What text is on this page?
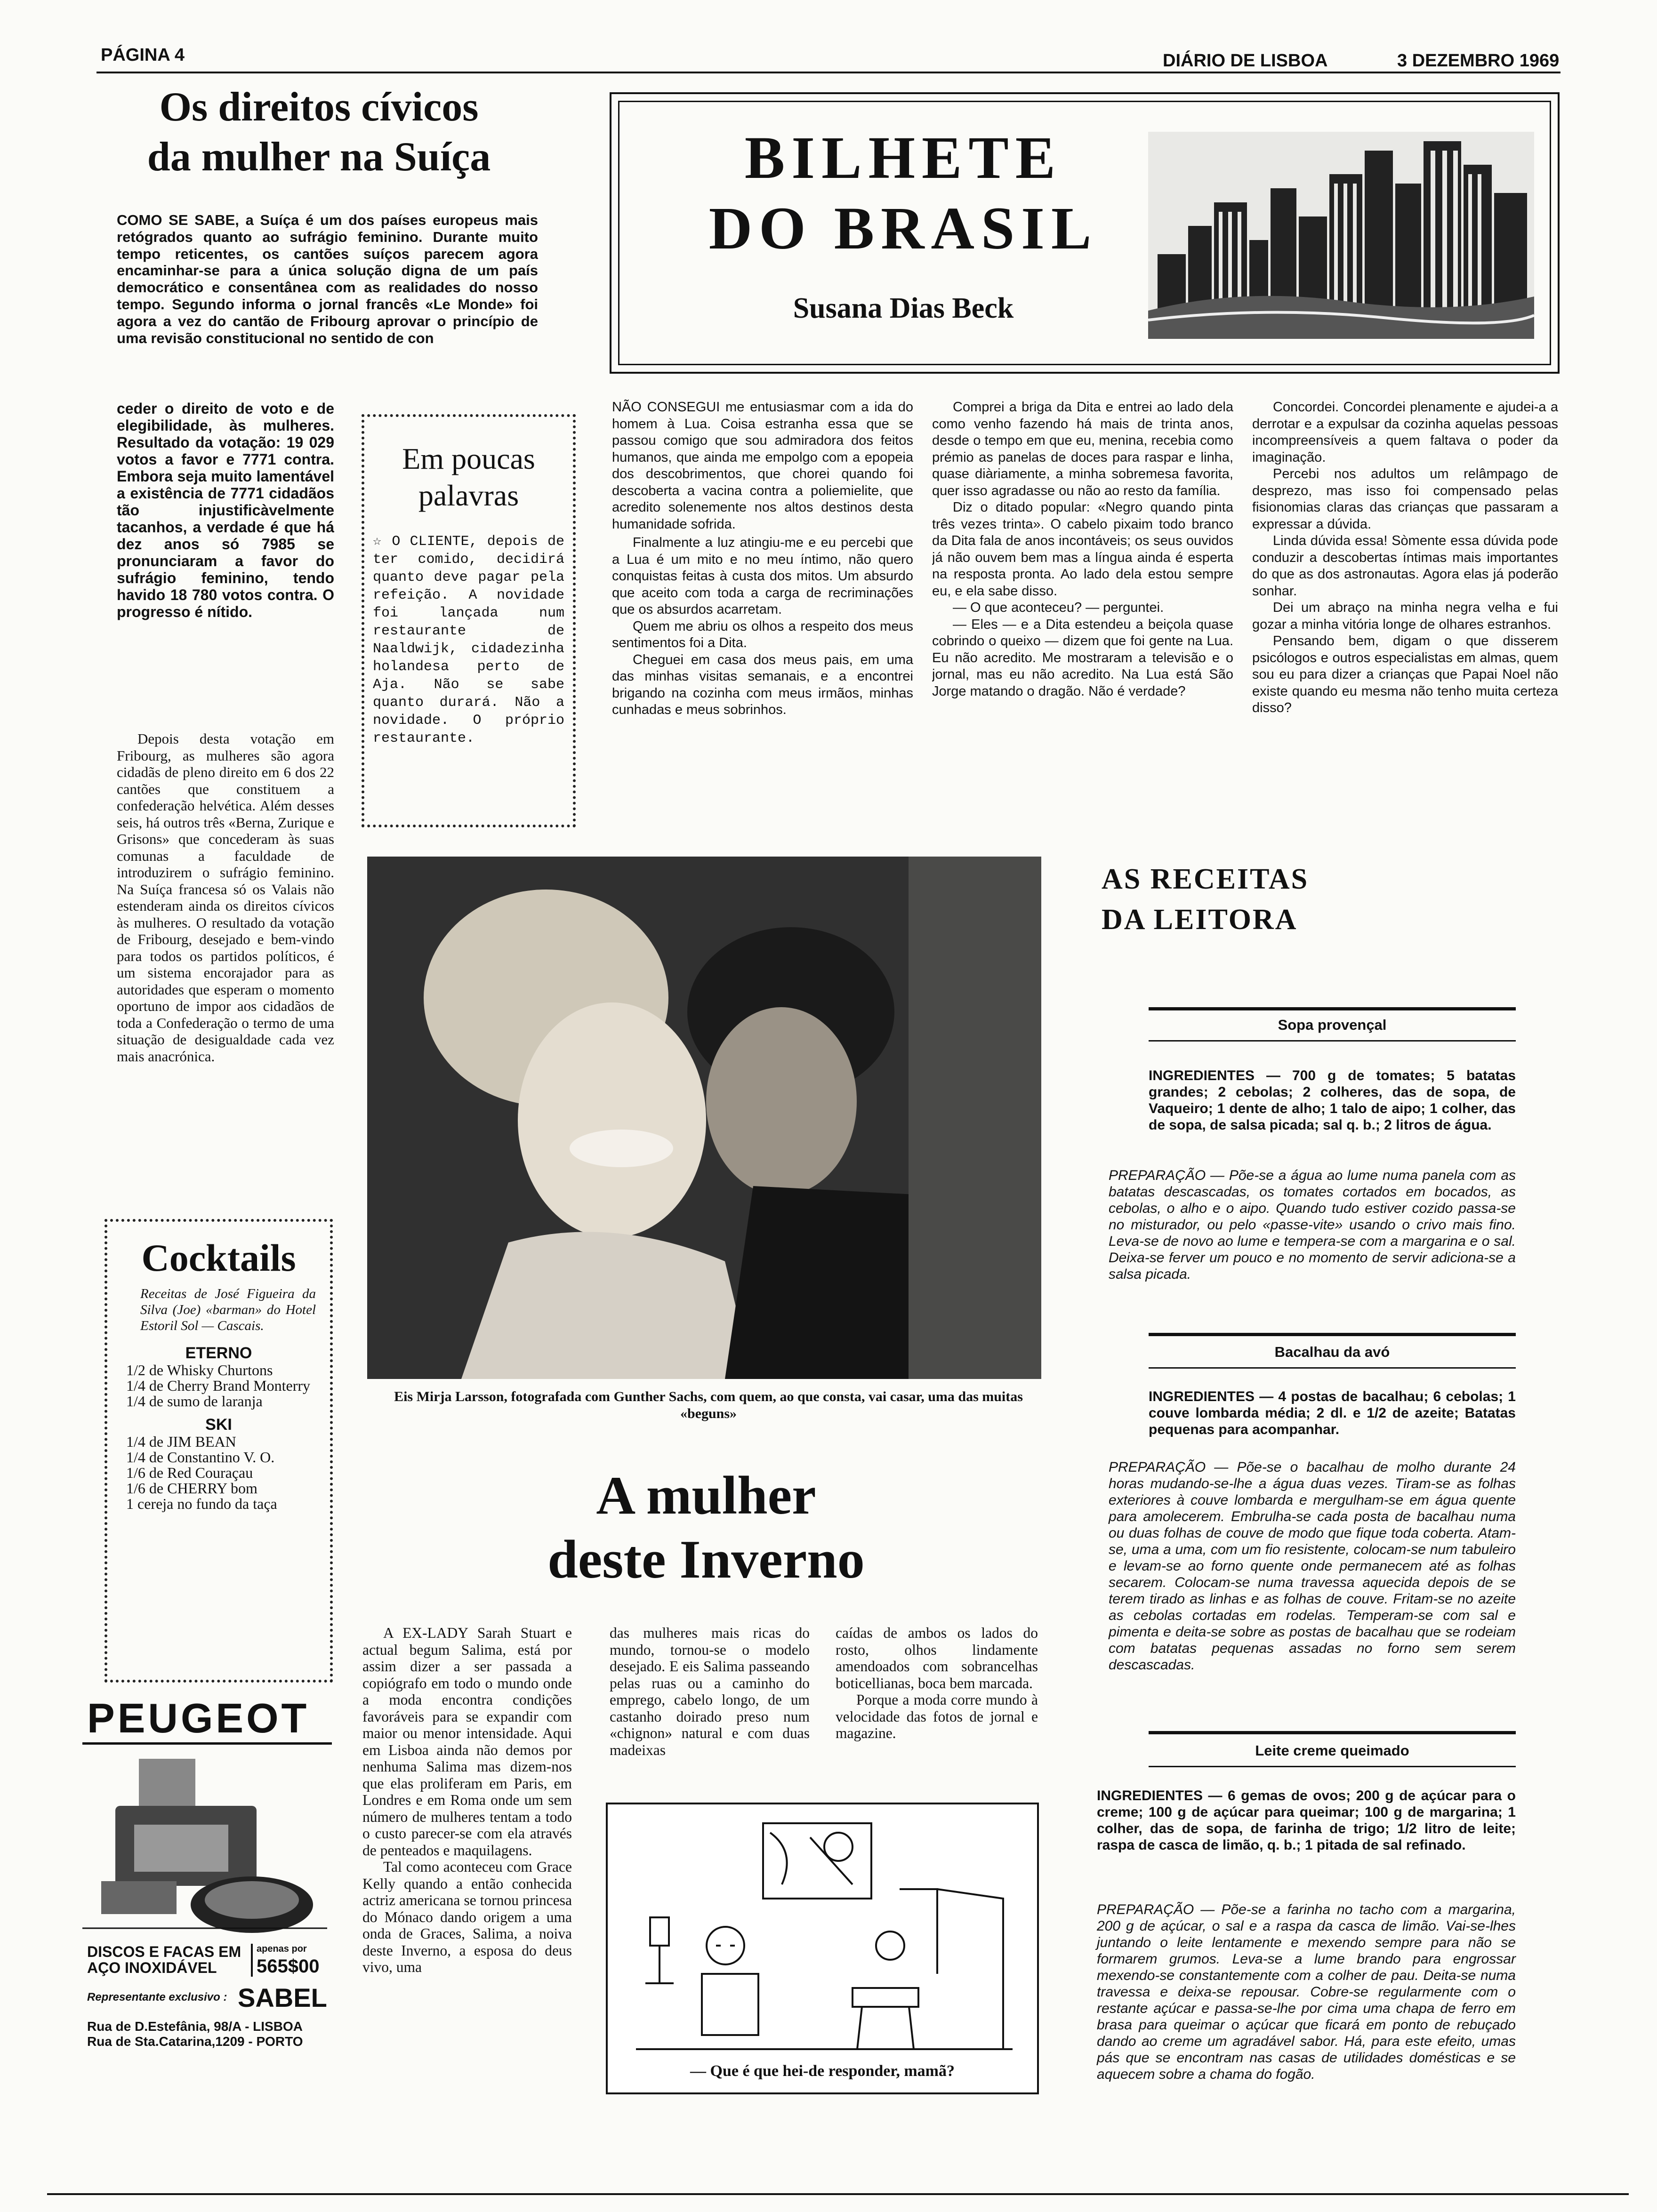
PÁGINA 4	DIÁRIO DE LISBOA	3 DEZEMBRO 1969
Os direitos cívicos
da mulher na Suíça
COMO SE SABE, a Suíça é um dos países europeus mais retógrados quanto ao sufrágio feminino. Durante muito tempo reticentes, os cantões suíços parecem agora encaminhar-se para a única solução digna de um país democrático e consentânea com as realidades do nosso tempo. Segundo informa o jornal francês «Le Monde» foi agora a vez do cantão de Fribourg aprovar o princípio de uma revisão constitucional no sentido de con
ceder o direito de voto e de elegibilidade, às mulheres. Resultado da votação: 19 029 votos a favor e 7771 contra. Embora seja muito lamentável a existência de 7771 cidadãos tão injustificàvelmente tacanhos, a verdade é que há dez anos só 7985 se pronunciaram a favor do sufrágio feminino, tendo havido 18 780 votos contra. O progresso é nítido.

Depois desta votação em Fribourg, as mulheres são agora cidadãs de pleno direito em 6 dos 22 cantões que constituem a confederação helvética. Além desses seis, há outros três «Berna, Zurique e Grisons» que concederam às suas comunas a faculdade de introduzirem o sufrágio feminino. Na Suíça francesa só os Valais não estenderam ainda os direitos cívicos às mulheres. O resultado da votação de Fribourg, desejado e bem-vindo para todos os partidos políticos, é um sistema encorajador para as autoridades que esperam o momento oportuno de impor aos cidadãos de toda a Confederação o termo de uma situação de desigualdade cada vez mais anacrónica.

Em poucas
palavras
☆ O CLIENTE, depois de ter comido, decidirá quanto deve pagar pela refeição. A novidade foi lançada num restaurante de Naaldwijk, cidadezinha holandesa perto de Aja. Não se sabe quanto durará. Não a novidade. O próprio restaurante.
BILHETE
DO BRASIL
Susana Dias Beck

NÃO CONSEGUI me entusiasmar com a ida do homem à Lua. Coisa estranha essa que se passou comigo que sou admiradora dos feitos humanos, que ainda me empolgo com a epopeia dos descobrimentos, que chorei quando foi descoberta a vacina contra a poliemielite, que acredito solenemente nos altos destinos desta humanidade sofrida.

Finalmente a luz atingiu-me e eu percebi que a Lua é um mito e no meu íntimo, não quero conquistas feitas à custa dos mitos. Um absurdo que aceito com toda a carga de recriminações que os absurdos acarretam.

Quem me abriu os olhos a respeito dos meus sentimentos foi a Dita.

Cheguei em casa dos meus pais, em uma das minhas visitas semanais, e a encontrei brigando na cozinha com meus irmãos, minhas cunhadas e meus sobrinhos.

Comprei a briga da Dita e entrei ao lado dela como venho fazendo há mais de trinta anos, desde o tempo em que eu, menina, recebia como prémio as panelas de doces para raspar e linha, quase diàriamente, a minha sobremesa favorita, quer isso agradasse ou não ao resto da família.

Diz o ditado popular: «Negro quando pinta três vezes trinta». O cabelo pixaim todo branco da Dita fala de anos incontáveis; os seus ouvidos já não ouvem bem mas a língua ainda é esperta na resposta pronta. Ao lado dela estou sempre eu, e ela sabe disso.

— O que aconteceu? — perguntei.

— Eles — e a Dita estendeu a beiçola quase cobrindo o queixo — dizem que foi gente na Lua. Eu não acredito. Me mostraram a televisão e o jornal, mas eu não acredito. Na Lua está São Jorge matando o dragão. Não é verdade?

Concordei. Concordei plenamente e ajudei-a a derrotar e a expulsar da cozinha aquelas pessoas incompreensíveis a quem faltava o poder da imaginação.

Percebi nos adultos um relâmpago de desprezo, mas isso foi compensado pelas fisionomias claras das crianças que passaram a expressar a dúvida.

Linda dúvida essa! Sòmente essa dúvida pode conduzir a descobertas íntimas mais importantes do que as dos astronautas. Agora elas já poderão sonhar.

Dei um abraço na minha negra velha e fui gozar a minha vitória longe de olhares estranhos.

Pensando bem, digam o que disserem psicólogos e outros especialistas em almas, quem sou eu para dizer a crianças que Papai Noel não existe quando eu mesma não tenho muita certeza disso?

Eis Mirja Larsson, fotografada com Gunther Sachs, com quem, ao que consta, vai casar, uma das muitas «beguns»
A mulher
deste Inverno

A EX-LADY Sarah Stuart e actual begum Salima, está por assim dizer a ser passada a copiógrafo em todo o mundo onde a moda encontra condições favoráveis para se expandir com maior ou menor intensidade. Aqui em Lisboa ainda não demos por nenhuma Salima mas dizem-nos que elas proliferam em Paris, em Londres e em Roma onde um sem número de mulheres tentam a todo o custo parecer-se com ela através de penteados e maquilagens.

Tal como aconteceu com Grace Kelly quando a então conhecida actriz americana se tornou princesa do Mónaco dando origem a uma onda de Graces, Salima, a noiva deste Inverno, a esposa do deus vivo, uma

das mulheres mais ricas do mundo, tornou-se o modelo desejado. E eis Salima passeando pelas ruas ou a caminho do emprego, cabelo longo, de um castanho doirado preso num «chignon» natural e com duas madeixas

caídas de ambos os lados do rosto, olhos lindamente amendoados com sobrancelhas boticellianas, boca bem marcada.

Porque a moda corre mundo à velocidade das fotos de jornal e magazine.

— Que é que hei-de responder, mamã?
Cocktails
Receitas de José Figueira da Silva (Joe) «barman» do Hotel Estoril Sol — Cascais.
ETERNO
1/2 de Whisky Churtons
1/4 de Cherry Brand Monterry
1/4 de sumo de laranja
SKI
1/4 de JIM BEAN
1/4 de Constantino V. O.
1/6 de Red Couraçau
1/6 de CHERRY bom
1 cereja no fundo da taça
PEUGEOT
DISCOS E FACAS EM AÇO INOXIDÁVEL
apenas por
565$00
Representante exclusivo : SABEL
Rua de D.Estefânia, 98/A - LISBOA
Rua de Sta.Catarina,1209 - PORTO
AS RECEITAS
DA LEITORA
Sopa provençal
INGREDIENTES — 700 g de tomates; 5 batatas grandes; 2 cebolas; 2 colheres, das de sopa, de Vaqueiro; 1 dente de alho; 1 talo de aipo; 1 colher, das de sopa, de salsa picada; sal q. b.; 2 litros de água.
PREPARAÇÃO — Põe-se a água ao lume numa panela com as batatas descascadas, os tomates cortados em bocados, as cebolas, o alho e o aipo. Quando tudo estiver cozido passa-se no misturador, ou pelo «passe-vite» usando o crivo mais fino. Leva-se de novo ao lume e tempera-se com a margarina e o sal. Deixa-se ferver um pouco e no momento de servir adiciona-se a salsa picada.
Bacalhau da avó
INGREDIENTES — 4 postas de bacalhau; 6 cebolas; 1 couve lombarda média; 2 dl. e 1/2 de azeite; Batatas pequenas para acompanhar.
PREPARAÇÃO — Põe-se o bacalhau de molho durante 24 horas mudando-se-lhe a água duas vezes. Tiram-se as folhas exteriores à couve lombarda e mergulham-se em água quente para amolecerem. Embrulha-se cada posta de bacalhau numa ou duas folhas de couve de modo que fique toda coberta. Atam-se, uma a uma, com um fio resistente, colocam-se num tabuleiro e levam-se ao forno quente onde permanecem até as folhas secarem. Colocam-se numa travessa aquecida depois de se terem tirado as linhas e as folhas de couve. Fritam-se no azeite as cebolas cortadas em rodelas. Temperam-se com sal e pimenta e deita-se sobre as postas de bacalhau que se rodeiam com batatas pequenas assadas no forno sem serem descascadas.
Leite creme queimado
INGREDIENTES — 6 gemas de ovos; 200 g de açúcar para o creme; 100 g de açúcar para queimar; 100 g de margarina; 1 colher, das de sopa, de farinha de trigo; 1/2 litro de leite; raspa de casca de limão, q. b.; 1 pitada de sal refinado.
PREPARAÇÃO — Põe-se a farinha no tacho com a margarina, 200 g de açúcar, o sal e a raspa da casca de limão. Vai-se-lhes juntando o leite lentamente e mexendo sempre para não se formarem grumos. Leva-se a lume brando para engrossar mexendo-se constantemente com a colher de pau. Deita-se numa travessa e deixa-se repousar. Cobre-se regularmente com o restante açúcar e passa-se-lhe por cima uma chapa de ferro em brasa para queimar o açúcar que ficará em ponto de rebuçado dando ao creme um agradável sabor. Há, para este efeito, umas pás que se encontram nas casas de utilidades domésticas e se aquecem sobre a chama do fogão.
